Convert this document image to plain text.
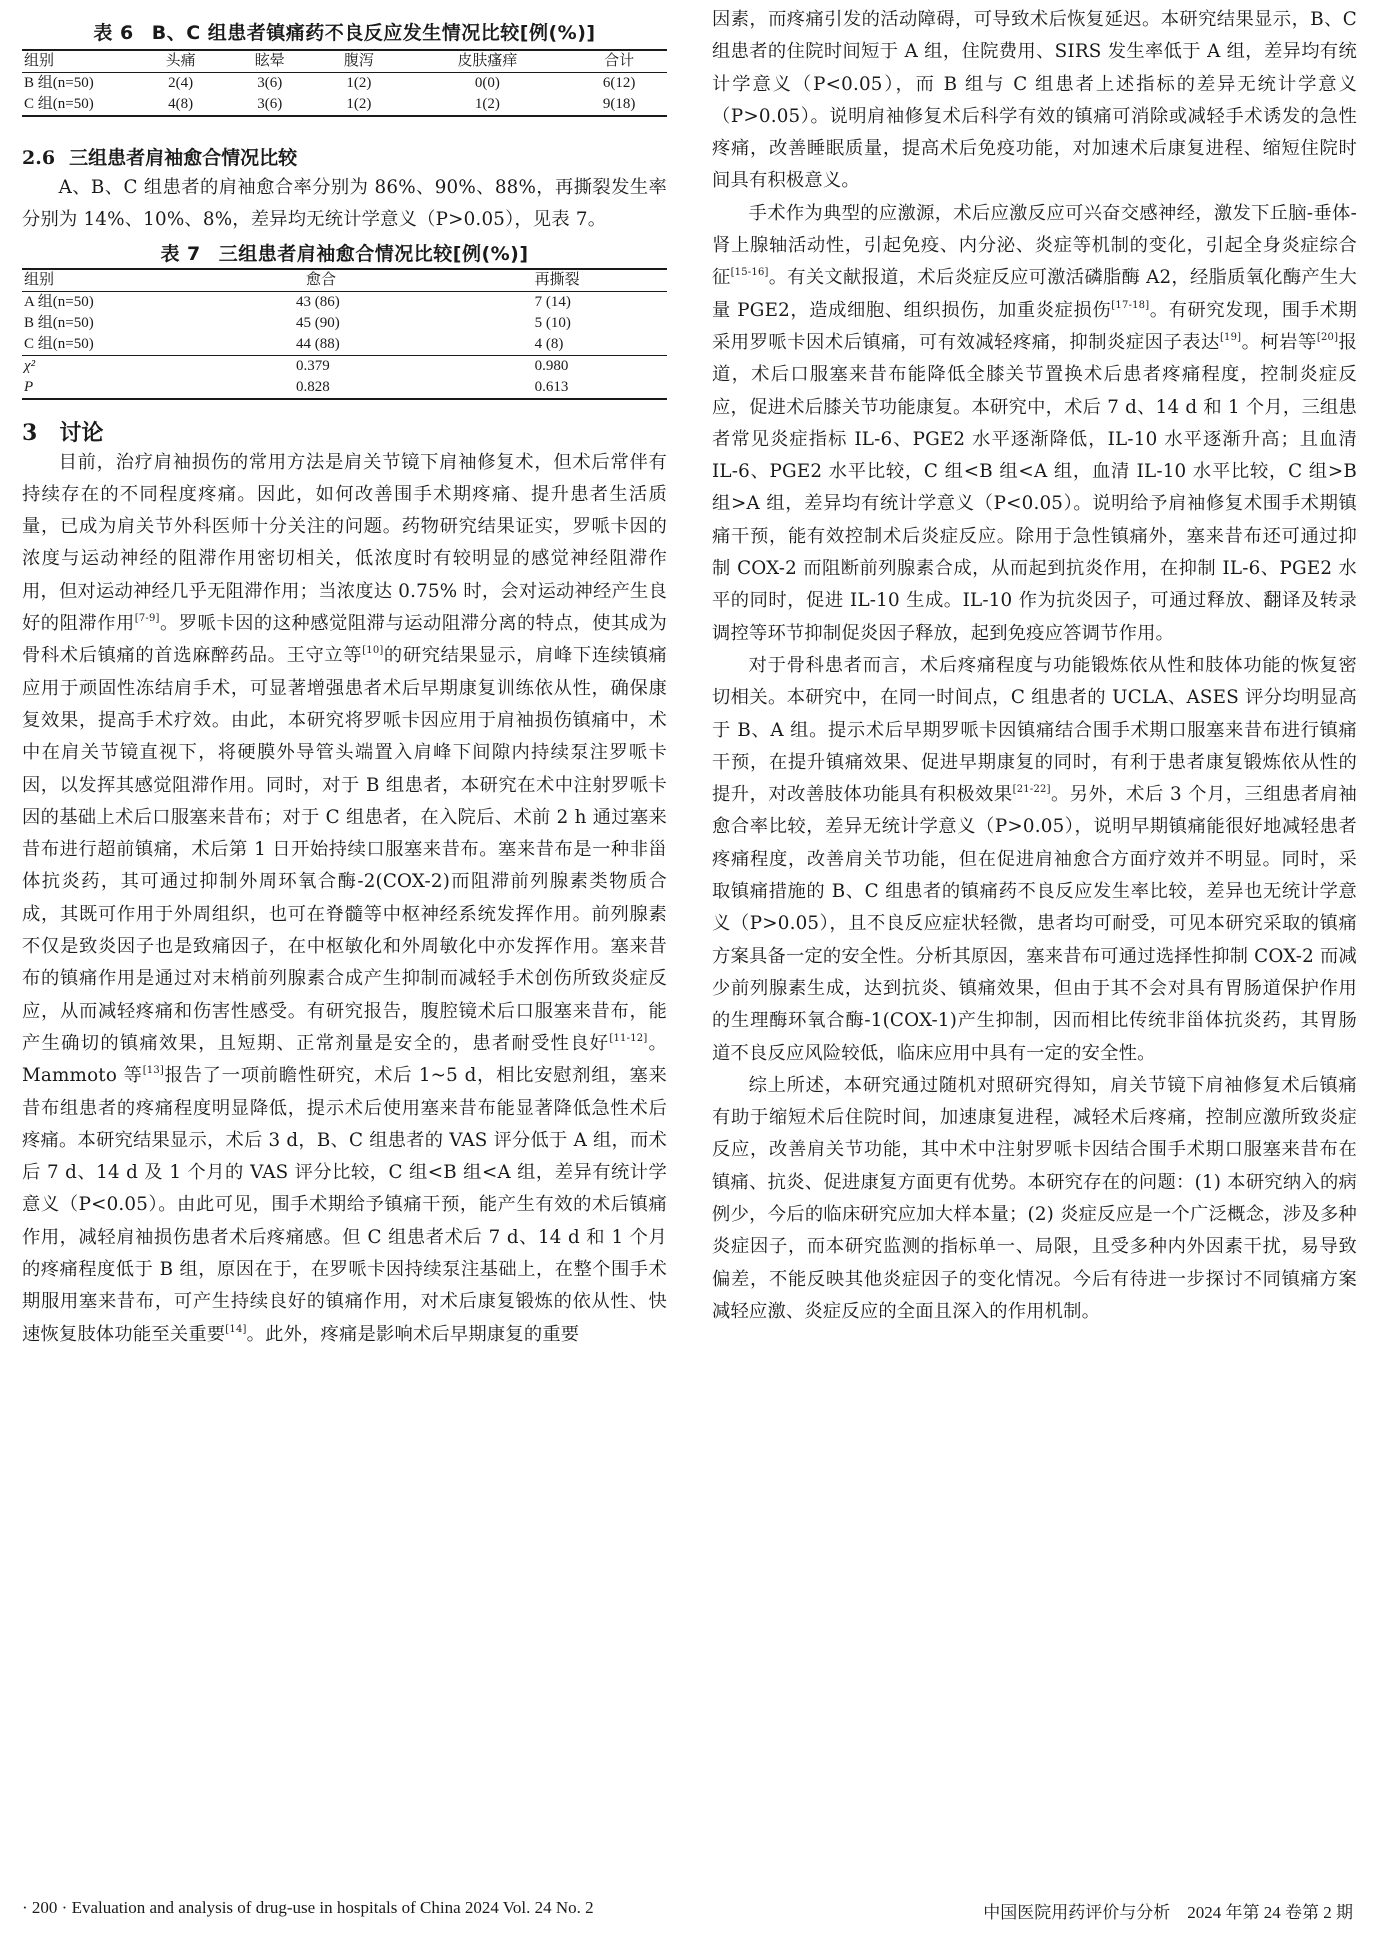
表 6 B、C 组患者镇痛药不良反应发生情况比较[例(%)]
组别	头痛	眩晕	腹泻	皮肤瘙痒	合计
B 组(n=50)	2(4)	3(6)	1(2)	0(0)	6(12)
C 组(n=50)	4(8)	3(6)	1(2)	1(2)	9(18)
2.6 三组患者肩袖愈合情况比较

A、B、C 组患者的肩袖愈合率分别为 86%、90%、88%，再撕裂发生率分别为 14%、10%、8%，差异均无统计学意义（P>0.05），见表 7。

表 7 三组患者肩袖愈合情况比较[例(%)]
组别	愈合	再撕裂
A 组(n=50)	43 (86)	7 (14)
B 组(n=50)	45 (90)	5 (10)
C 组(n=50)	44 (88)	4 (8)
χ²	0.379	0.980
P	0.828	0.613
3 讨论

目前，治疗肩袖损伤的常用方法是肩关节镜下肩袖修复术，但术后常伴有持续存在的不同程度疼痛。因此，如何改善围手术期疼痛、提升患者生活质量，已成为肩关节外科医师十分关注的问题。药物研究结果证实，罗哌卡因的浓度与运动神经的阻滞作用密切相关，低浓度时有较明显的感觉神经阻滞作用，但对运动神经几乎无阻滞作用；当浓度达 0.75% 时，会对运动神经产生良好的阻滞作用[7-9]。罗哌卡因的这种感觉阻滞与运动阻滞分离的特点，使其成为骨科术后镇痛的首选麻醉药品。王守立等[10]的研究结果显示，肩峰下连续镇痛应用于顽固性冻结肩手术，可显著增强患者术后早期康复训练依从性，确保康复效果，提高手术疗效。由此，本研究将罗哌卡因应用于肩袖损伤镇痛中，术中在肩关节镜直视下，将硬膜外导管头端置入肩峰下间隙内持续泵注罗哌卡因，以发挥其感觉阻滞作用。同时，对于 B 组患者，本研究在术中注射罗哌卡因的基础上术后口服塞来昔布；对于 C 组患者，在入院后、术前 2 h 通过塞来昔布进行超前镇痛，术后第 1 日开始持续口服塞来昔布。塞来昔布是一种非甾体抗炎药，其可通过抑制外周环氧合酶-2(COX-2)而阻滞前列腺素类物质合成，其既可作用于外周组织，也可在脊髓等中枢神经系统发挥作用。前列腺素不仅是致炎因子也是致痛因子，在中枢敏化和外周敏化中亦发挥作用。塞来昔布的镇痛作用是通过对末梢前列腺素合成产生抑制而减轻手术创伤所致炎症反应，从而减轻疼痛和伤害性感受。有研究报告，腹腔镜术后口服塞来昔布，能产生确切的镇痛效果，且短期、正常剂量是安全的，患者耐受性良好[11-12]。Mammoto 等[13]报告了一项前瞻性研究，术后 1~5 d，相比安慰剂组，塞来昔布组患者的疼痛程度明显降低，提示术后使用塞来昔布能显著降低急性术后疼痛。本研究结果显示，术后 3 d，B、C 组患者的 VAS 评分低于 A 组，而术后 7 d、14 d 及 1 个月的 VAS 评分比较，C 组<B 组<A 组，差异有统计学意义（P<0.05）。由此可见，围手术期给予镇痛干预，能产生有效的术后镇痛作用，减轻肩袖损伤患者术后疼痛感。但 C 组患者术后 7 d、14 d 和 1 个月的疼痛程度低于 B 组，原因在于，在罗哌卡因持续泵注基础上，在整个围手术期服用塞来昔布，可产生持续良好的镇痛作用，对术后康复锻炼的依从性、快速恢复肢体功能至关重要[14]。此外，疼痛是影响术后早期康复的重要

因素，而疼痛引发的活动障碍，可导致术后恢复延迟。本研究结果显示，B、C 组患者的住院时间短于 A 组，住院费用、SIRS 发生率低于 A 组，差异均有统计学意义（P<0.05），而 B 组与 C 组患者上述指标的差异无统计学意义（P>0.05）。说明肩袖修复术后科学有效的镇痛可消除或减轻手术诱发的急性疼痛，改善睡眠质量，提高术后免疫功能，对加速术后康复进程、缩短住院时间具有积极意义。

手术作为典型的应激源，术后应激反应可兴奋交感神经，激发下丘脑-垂体-肾上腺轴活动性，引起免疫、内分泌、炎症等机制的变化，引起全身炎症综合征[15-16]。有关文献报道，术后炎症反应可激活磷脂酶 A2，经脂质氧化酶产生大量 PGE2，造成细胞、组织损伤，加重炎症损伤[17-18]。有研究发现，围手术期采用罗哌卡因术后镇痛，可有效减轻疼痛，抑制炎症因子表达[19]。柯岩等[20]报道，术后口服塞来昔布能降低全膝关节置换术后患者疼痛程度，控制炎症反应，促进术后膝关节功能康复。本研究中，术后 7 d、14 d 和 1 个月，三组患者常见炎症指标 IL-6、PGE2 水平逐渐降低，IL-10 水平逐渐升高；且血清 IL-6、PGE2 水平比较，C 组<B 组<A 组，血清 IL-10 水平比较，C 组>B 组>A 组，差异均有统计学意义（P<0.05）。说明给予肩袖修复术围手术期镇痛干预，能有效控制术后炎症反应。除用于急性镇痛外，塞来昔布还可通过抑制 COX-2 而阻断前列腺素合成，从而起到抗炎作用，在抑制 IL-6、PGE2 水平的同时，促进 IL-10 生成。IL-10 作为抗炎因子，可通过释放、翻译及转录调控等环节抑制促炎因子释放，起到免疫应答调节作用。

对于骨科患者而言，术后疼痛程度与功能锻炼依从性和肢体功能的恢复密切相关。本研究中，在同一时间点，C 组患者的 UCLA、ASES 评分均明显高于 B、A 组。提示术后早期罗哌卡因镇痛结合围手术期口服塞来昔布进行镇痛干预，在提升镇痛效果、促进早期康复的同时，有利于患者康复锻炼依从性的提升，对改善肢体功能具有积极效果[21-22]。另外，术后 3 个月，三组患者肩袖愈合率比较，差异无统计学意义（P>0.05），说明早期镇痛能很好地减轻患者疼痛程度，改善肩关节功能，但在促进肩袖愈合方面疗效并不明显。同时，采取镇痛措施的 B、C 组患者的镇痛药不良反应发生率比较，差异也无统计学意义（P>0.05），且不良反应症状轻微，患者均可耐受，可见本研究采取的镇痛方案具备一定的安全性。分析其原因，塞来昔布可通过选择性抑制 COX-2 而减少前列腺素生成，达到抗炎、镇痛效果，但由于其不会对具有胃肠道保护作用的生理酶环氧合酶-1(COX-1)产生抑制，因而相比传统非甾体抗炎药，其胃肠道不良反应风险较低，临床应用中具有一定的安全性。

综上所述，本研究通过随机对照研究得知，肩关节镜下肩袖修复术后镇痛有助于缩短术后住院时间，加速康复进程，减轻术后疼痛，控制应激所致炎症反应，改善肩关节功能，其中术中注射罗哌卡因结合围手术期口服塞来昔布在镇痛、抗炎、促进康复方面更有优势。本研究存在的问题：(1) 本研究纳入的病例少，今后的临床研究应加大样本量；(2) 炎症反应是一个广泛概念，涉及多种炎症因子，而本研究监测的指标单一、局限，且受多种内外因素干扰，易导致偏差，不能反映其他炎症因子的变化情况。今后有待进一步探讨不同镇痛方案减轻应激、炎症反应的全面且深入的作用机制。

· 200 · Evaluation and analysis of drug-use in hospitals of China 2024 Vol. 24 No. 2	中国医院用药评价与分析　2024 年第 24 卷第 2 期
